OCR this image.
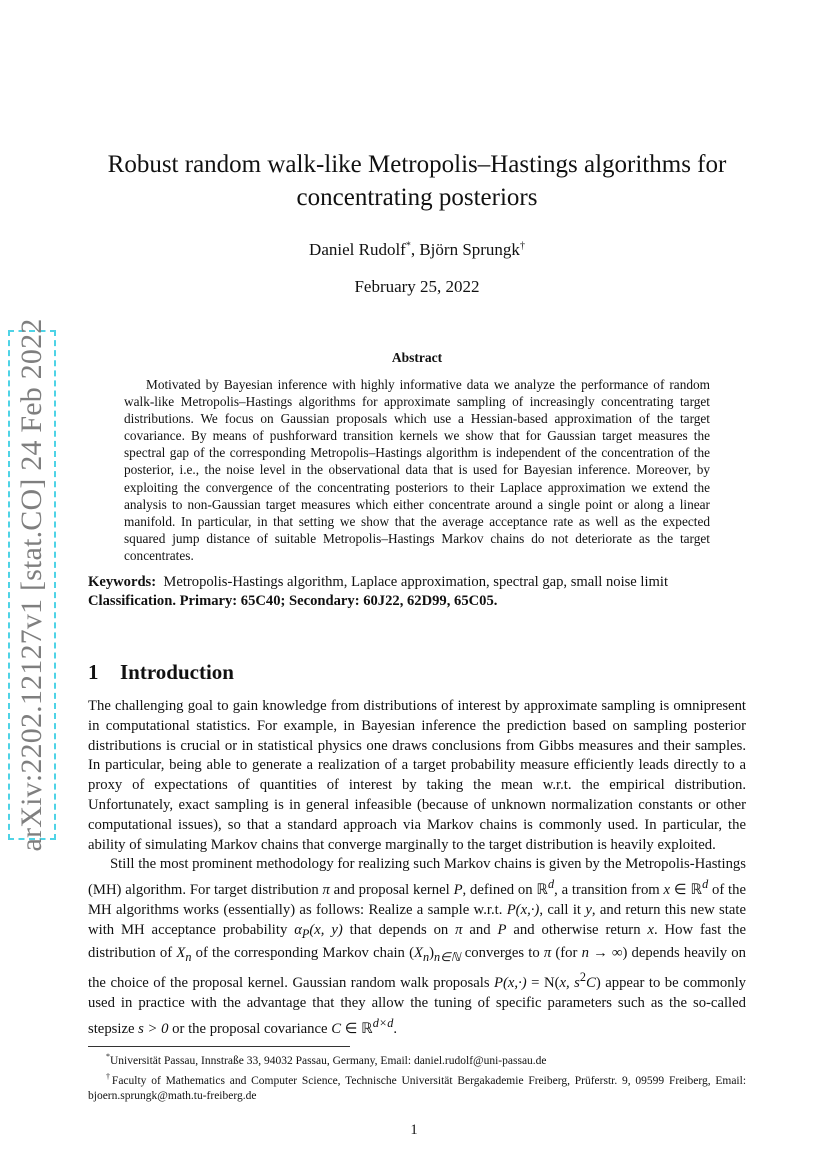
arXiv:2202.12127v1 [stat.CO] 24 Feb 2022
Robust random walk-like Metropolis–Hastings algorithms for
concentrating posteriors
Daniel Rudolf*, Björn Sprungk†
February 25, 2022
Abstract
Motivated by Bayesian inference with highly informative data we analyze the performance of random walk-like Metropolis–Hastings algorithms for approximate sampling of increasingly concentrating target distributions. We focus on Gaussian proposals which use a Hessian-based approximation of the target covariance. By means of pushforward transition kernels we show that for Gaussian target measures the spectral gap of the corresponding Metropolis–Hastings algorithm is independent of the concentration of the posterior, i.e., the noise level in the observational data that is used for Bayesian inference. Moreover, by exploiting the convergence of the concentrating posteriors to their Laplace approximation we extend the analysis to non-Gaussian target measures which either concentrate around a single point or along a linear manifold. In particular, in that setting we show that the average acceptance rate as well as the expected squared jump distance of suitable Metropolis–Hastings Markov chains do not deteriorate as the target concentrates.
Keywords: Metropolis-Hastings algorithm, Laplace approximation, spectral gap, small noise limit
Classification. Primary: 65C40; Secondary: 60J22, 62D99, 65C05.
1 Introduction

The challenging goal to gain knowledge from distributions of interest by approximate sampling is omnipresent in computational statistics. For example, in Bayesian inference the prediction based on sampling posterior distributions is crucial or in statistical physics one draws conclusions from Gibbs measures and their samples. In particular, being able to generate a realization of a target probability measure efficiently leads directly to a proxy of expectations of quantities of interest by taking the mean w.r.t. the empirical distribution. Unfortunately, exact sampling is in general infeasible (because of unknown normalization constants or other computational issues), so that a standard approach via Markov chains is commonly used. In particular, the ability of simulating Markov chains that converge marginally to the target distribution is heavily exploited.

Still the most prominent methodology for realizing such Markov chains is given by the Metropolis-Hastings (MH) algorithm. For target distribution π and proposal kernel P, defined on ℝ$^d$, a transition from x ∈ ℝ$^d$ of the MH algorithms works (essentially) as follows: Realize a sample w.r.t. P(x,·), call it y, and return this new state with MH acceptance probability $\alpha_P(x$, y) that depends on π and P and otherwise return x. How fast the distribution of $X_n$ of the corresponding Markov chain $(X_n)_{n\in ℕ}$ converges to π (for n → ∞) depends heavily on the choice of the proposal kernel. Gaussian random walk proposals P(x,·) = N(x, $s^2C$) appear to be commonly used in practice with the advantage that they allow the tuning of specific parameters such as the so-called stepsize s > 0 or the proposal covariance C ∈ ℝ$^{d\times d}$.

*Universität Passau, Innstraße 33, 94032 Passau, Germany, Email: daniel.rudolf@uni-passau.de

†Faculty of Mathematics and Computer Science, Technische Universität Bergakademie Freiberg, Prüferstr. 9, 09599 Freiberg, Email: bjoern.sprungk@math.tu-freiberg.de

1
